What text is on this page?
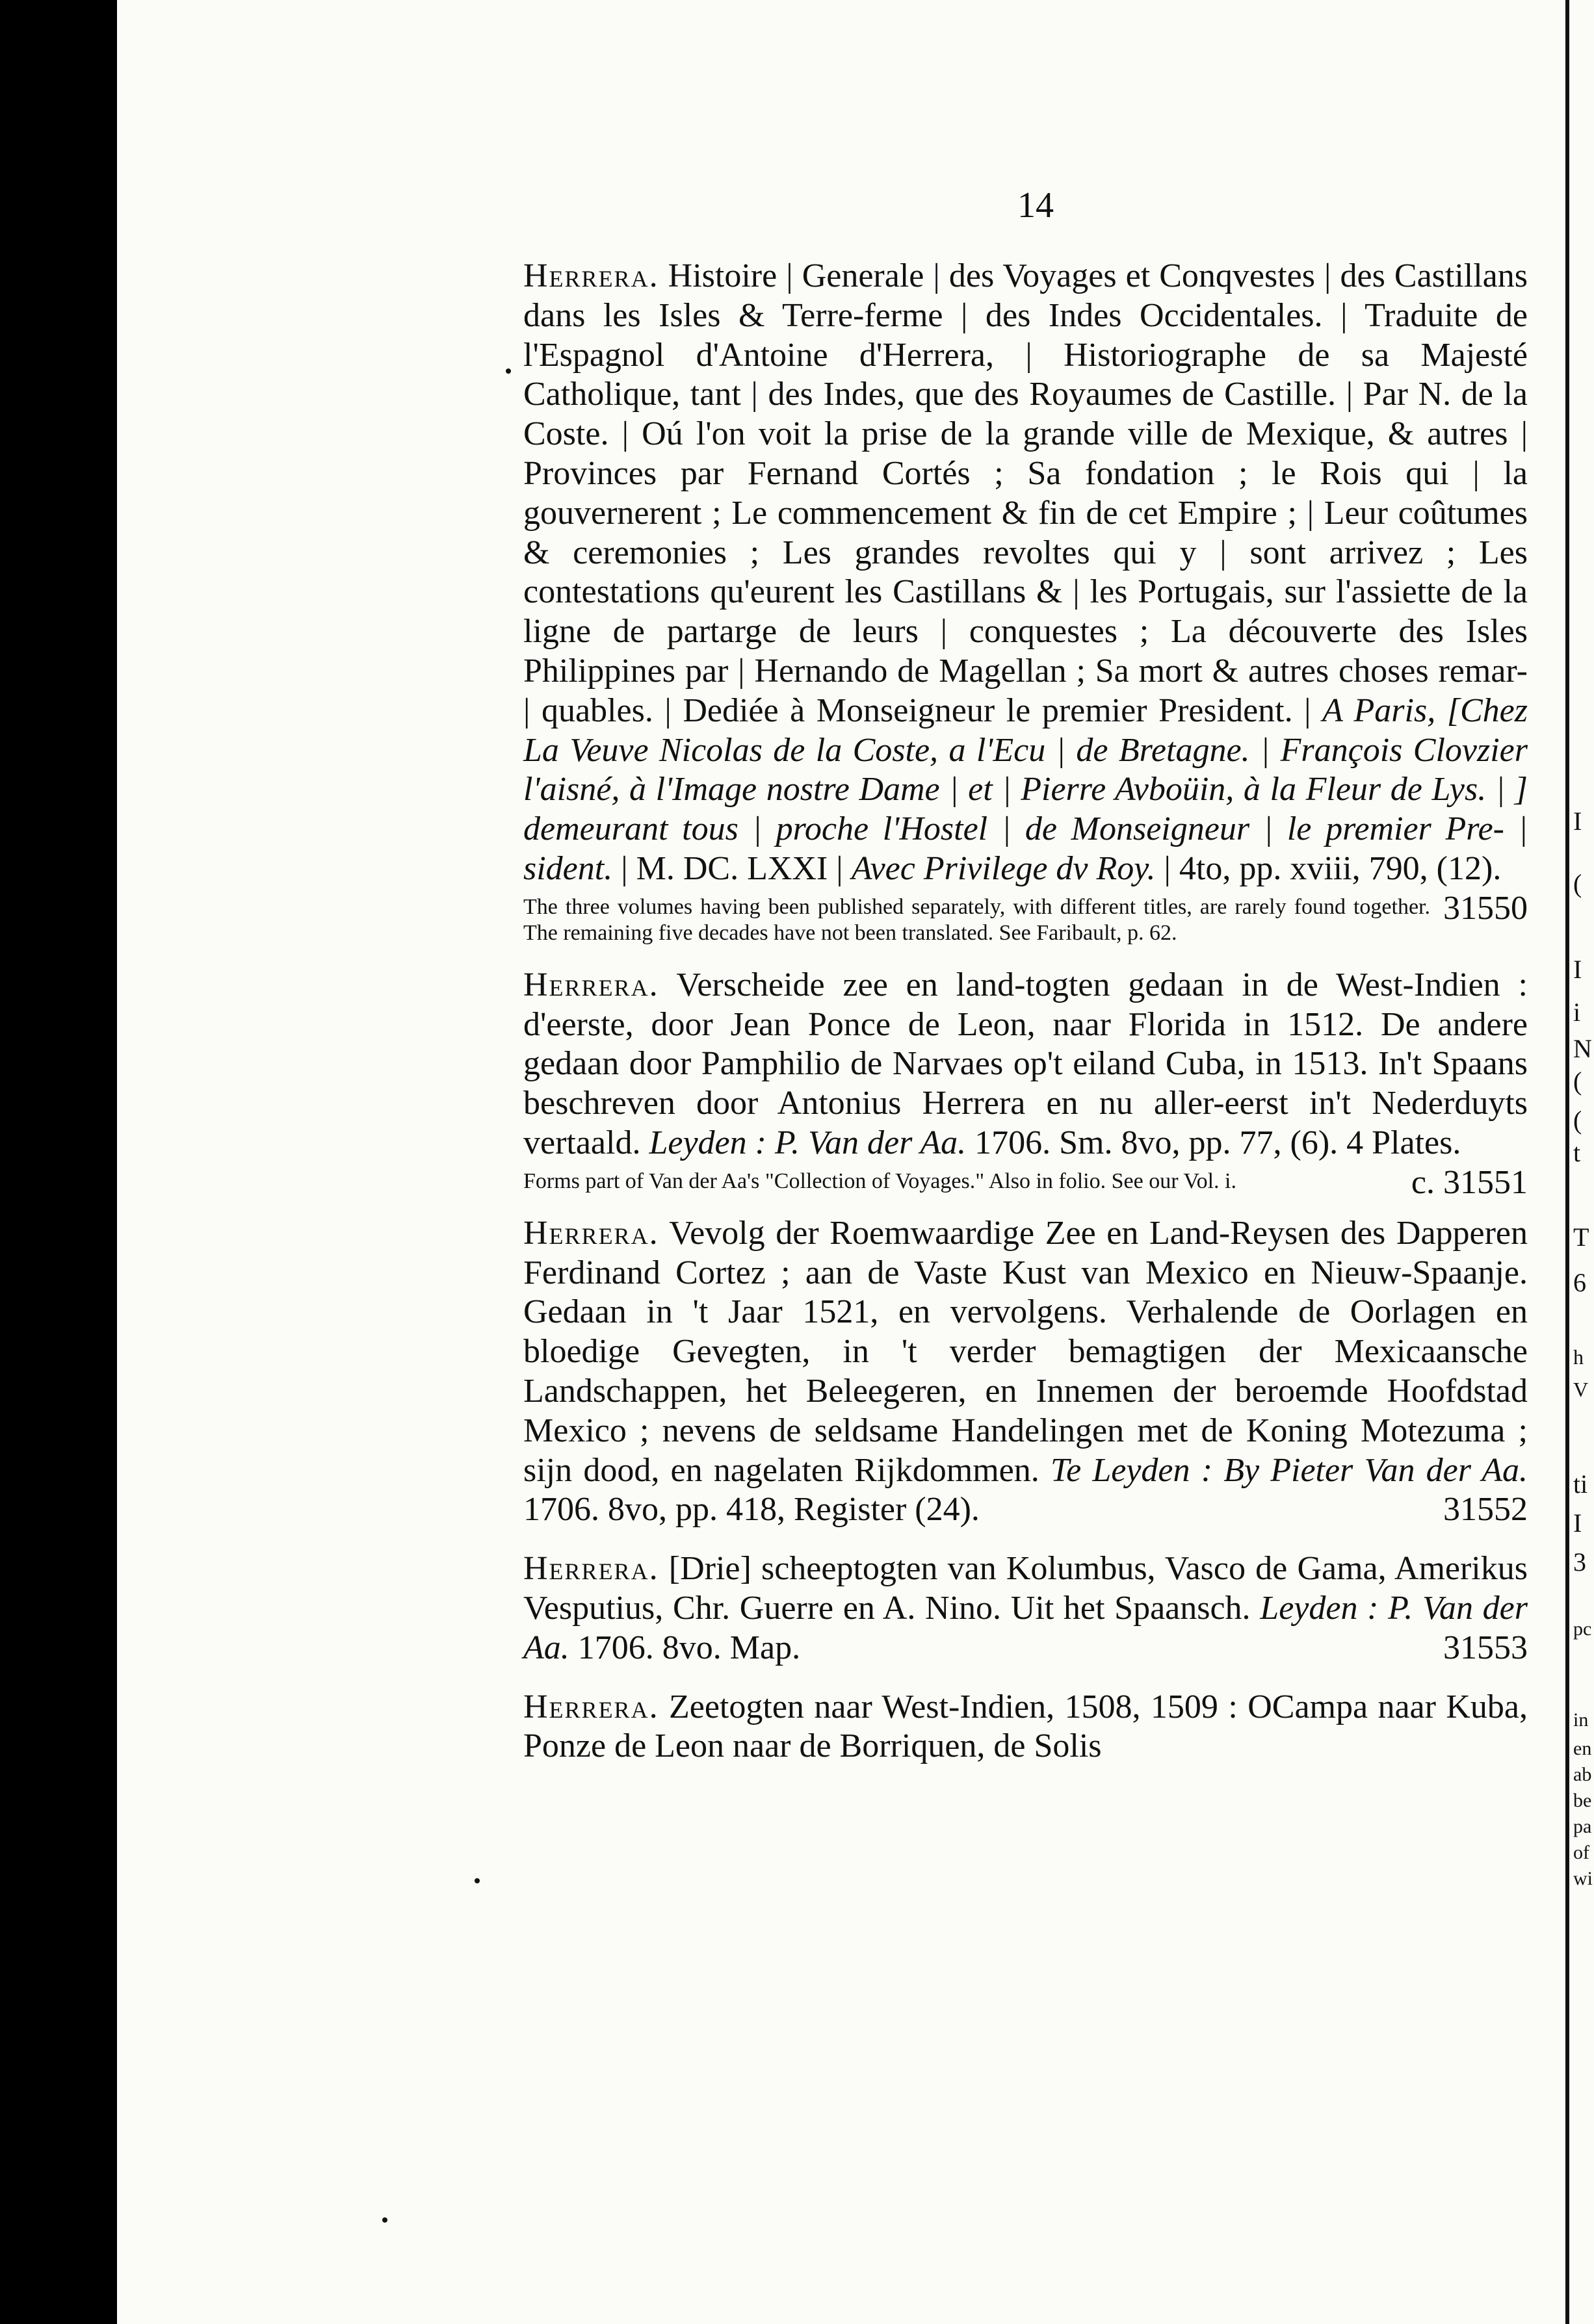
14

Herrera. Histoire | Generale | des Voyages et Conqvestes | des Castillans dans les Isles & Terre-ferme | des Indes Occidentales. | Traduite de l'Espagnol d'Antoine d'Herrera, | Historiographe de sa Majesté Catholique, tant | des Indes, que des Royaumes de Castille. | Par N. de la Coste. | Oú l'on voit la prise de la grande ville de Mexique, & autres | Provinces par Fernand Cortés ; Sa fondation ; le Rois qui | la gouvernerent ; Le commencement & fin de cet Empire ; | Leur coûtumes & ceremonies ; Les grandes revoltes qui y | sont arrivez ; Les contestations qu'eurent les Castillans & | les Portugais, sur l'assiette de la ligne de partarge de leurs | conquestes ; La découverte des Isles Philippines par | Hernando de Magellan ; Sa mort & autres choses remar- | quables. | Dediée à Monseigneur le premier President. | A Paris, [Chez La Veuve Nicolas de la Coste, a l'Ecu | de Bretagne. | François Clovzier l'aisné, à l'Image nostre Dame | et | Pierre Avboüin, à la Fleur de Lys. | ] demeurant tous | proche l'Hostel | de Monseigneur | le premier Pre- | sident. | M. DC. LXXI | Avec Privilege dv Roy. | 4to, pp. xviii, 790, (12).
31550

The three volumes having been published separately, with different titles, are rarely found together. The remaining five decades have not been translated. See Faribault, p. 62.

Herrera. Verscheide zee en land-togten gedaan in de West-Indien : d'eerste, door Jean Ponce de Leon, naar Florida in 1512. De andere gedaan door Pamphilio de Narvaes op't eiland Cuba, in 1513. In't Spaans beschreven door Antonius Herrera en nu aller-eerst in't Nederduyts vertaald. Leyden : P. Van der Aa. 1706. Sm. 8vo, pp. 77, (6). 4 Plates.
c. 31551

Forms part of Van der Aa's "Collection of Voyages." Also in folio. See our Vol. i.

Herrera. Vevolg der Roemwaardige Zee en Land-Reysen des Dapperen Ferdinand Cortez ; aan de Vaste Kust van Mexico en Nieuw-Spaanje. Gedaan in 't Jaar 1521, en vervolgens. Verhalende de Oorlagen en bloedige Gevegten, in 't verder bemagtigen der Mexicaansche Landschappen, het Beleegeren, en Innemen der beroemde Hoofdstad Mexico ; nevens de seldsame Handelingen met de Koning Motezuma ; sijn dood, en nagelaten Rijkdommen. Te Leyden : By Pieter Van der Aa. 1706. 8vo, pp. 418, Register (24).	31552

Herrera. [Drie] scheeptogten van Kolumbus, Vasco de Gama, Amerikus Vesputius, Chr. Guerre en A. Nino. Uit het Spaansch. Leyden : P. Van der Aa. 1706. 8vo. Map.	31553

Herrera. Zeetogten naar West-Indien, 1508, 1509 : OCampa naar Kuba, Ponze de Leon naar de Borriquen, de Solis

I
(
I
i
N
(
(
t
T
6
h
V
ti
I
3
pc
in
en
ab
be
pa
of
wi
